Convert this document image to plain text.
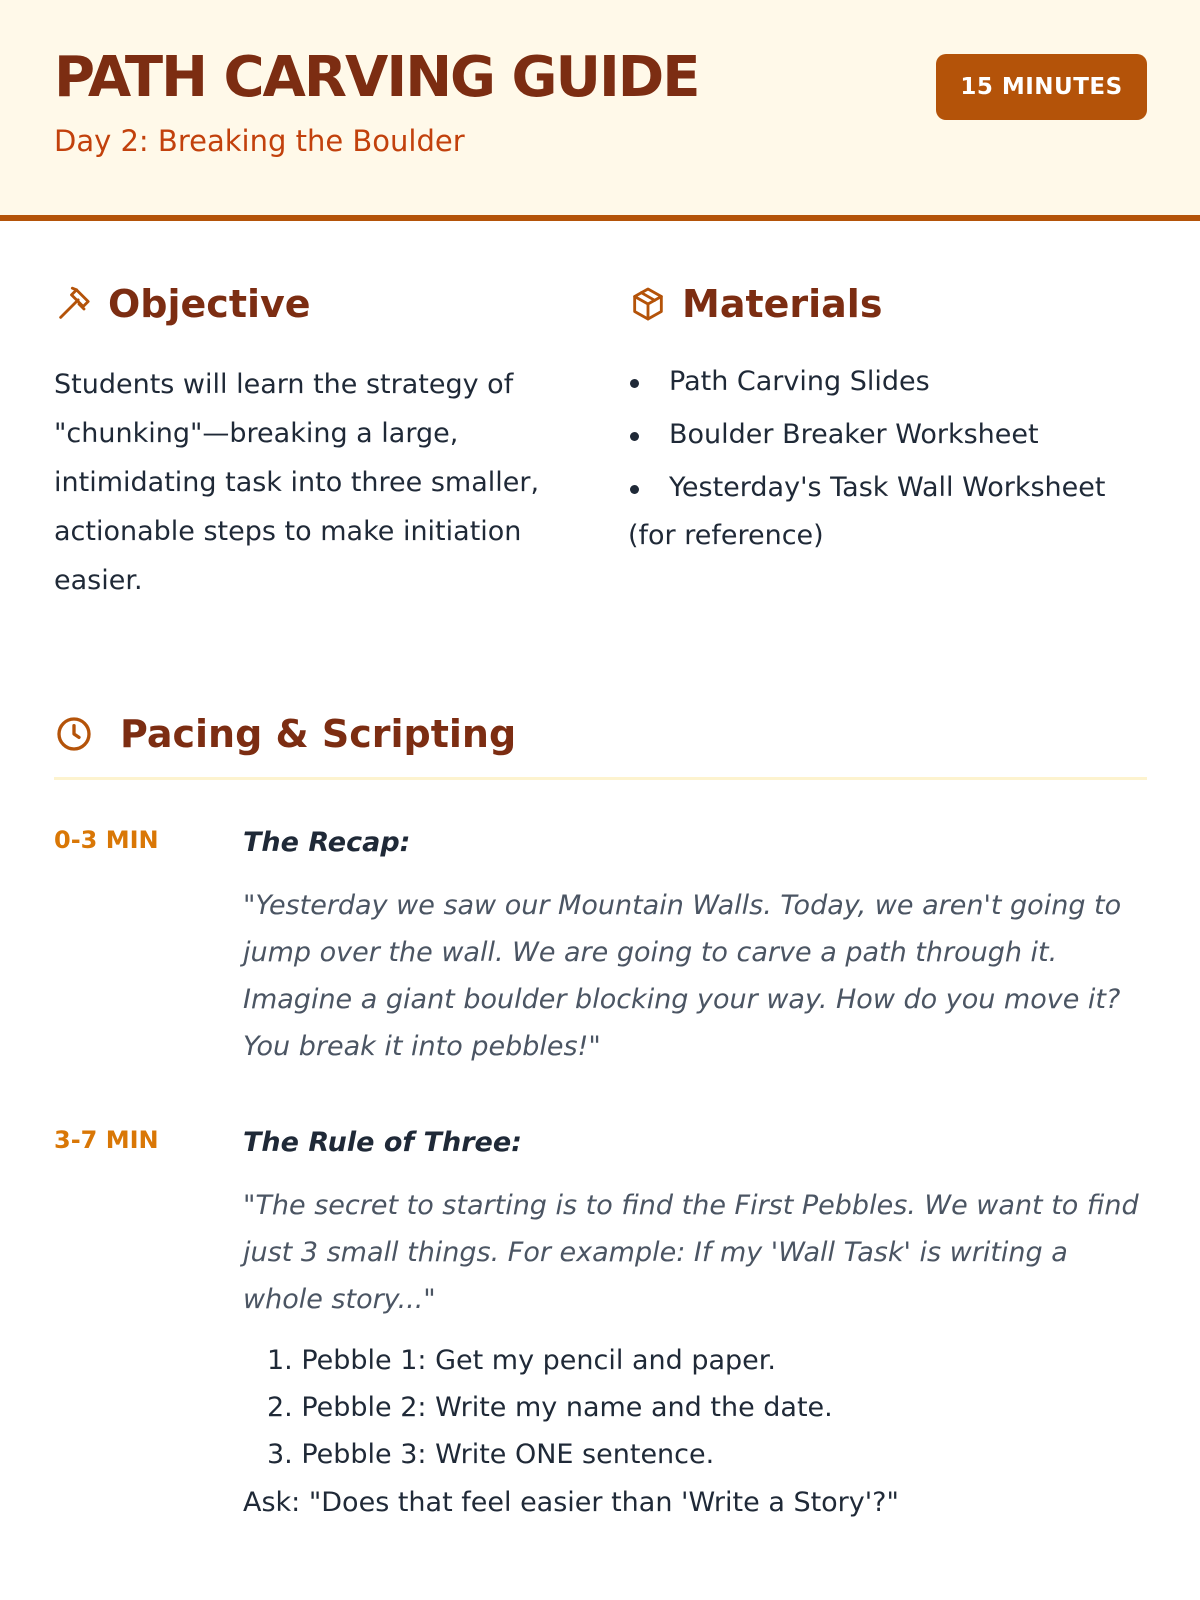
PATH CARVING GUIDE
Day 2: Breaking the Boulder
15 MINUTES
Objective

Students will learn the strategy of "chunking"—breaking a large, intimidating task into three smaller, actionable steps to make initiation easier.

Materials
Path Carving Slides
Boulder Breaker Worksheet
Yesterday's Task Wall Worksheet
(for reference)
Pacing & Scripting
0-3 MIN	The Recap:

"Yesterday we saw our Mountain Walls. Today, we aren't going to jump over the wall. We are going to carve a path through it. Imagine a giant boulder blocking your way. How do you move it? You break it into pebbles!"

3-7 MIN	The Rule of Three:

"The secret to starting is to find the First Pebbles. We want to find just 3 small things. For example: If my 'Wall Task' is writing a whole story..."

1. Pebble 1: Get my pencil and paper.
2. Pebble 2: Write my name and the date.
3. Pebble 3: Write ONE sentence.
Ask: "Does that feel easier than 'Write a Story'?"
